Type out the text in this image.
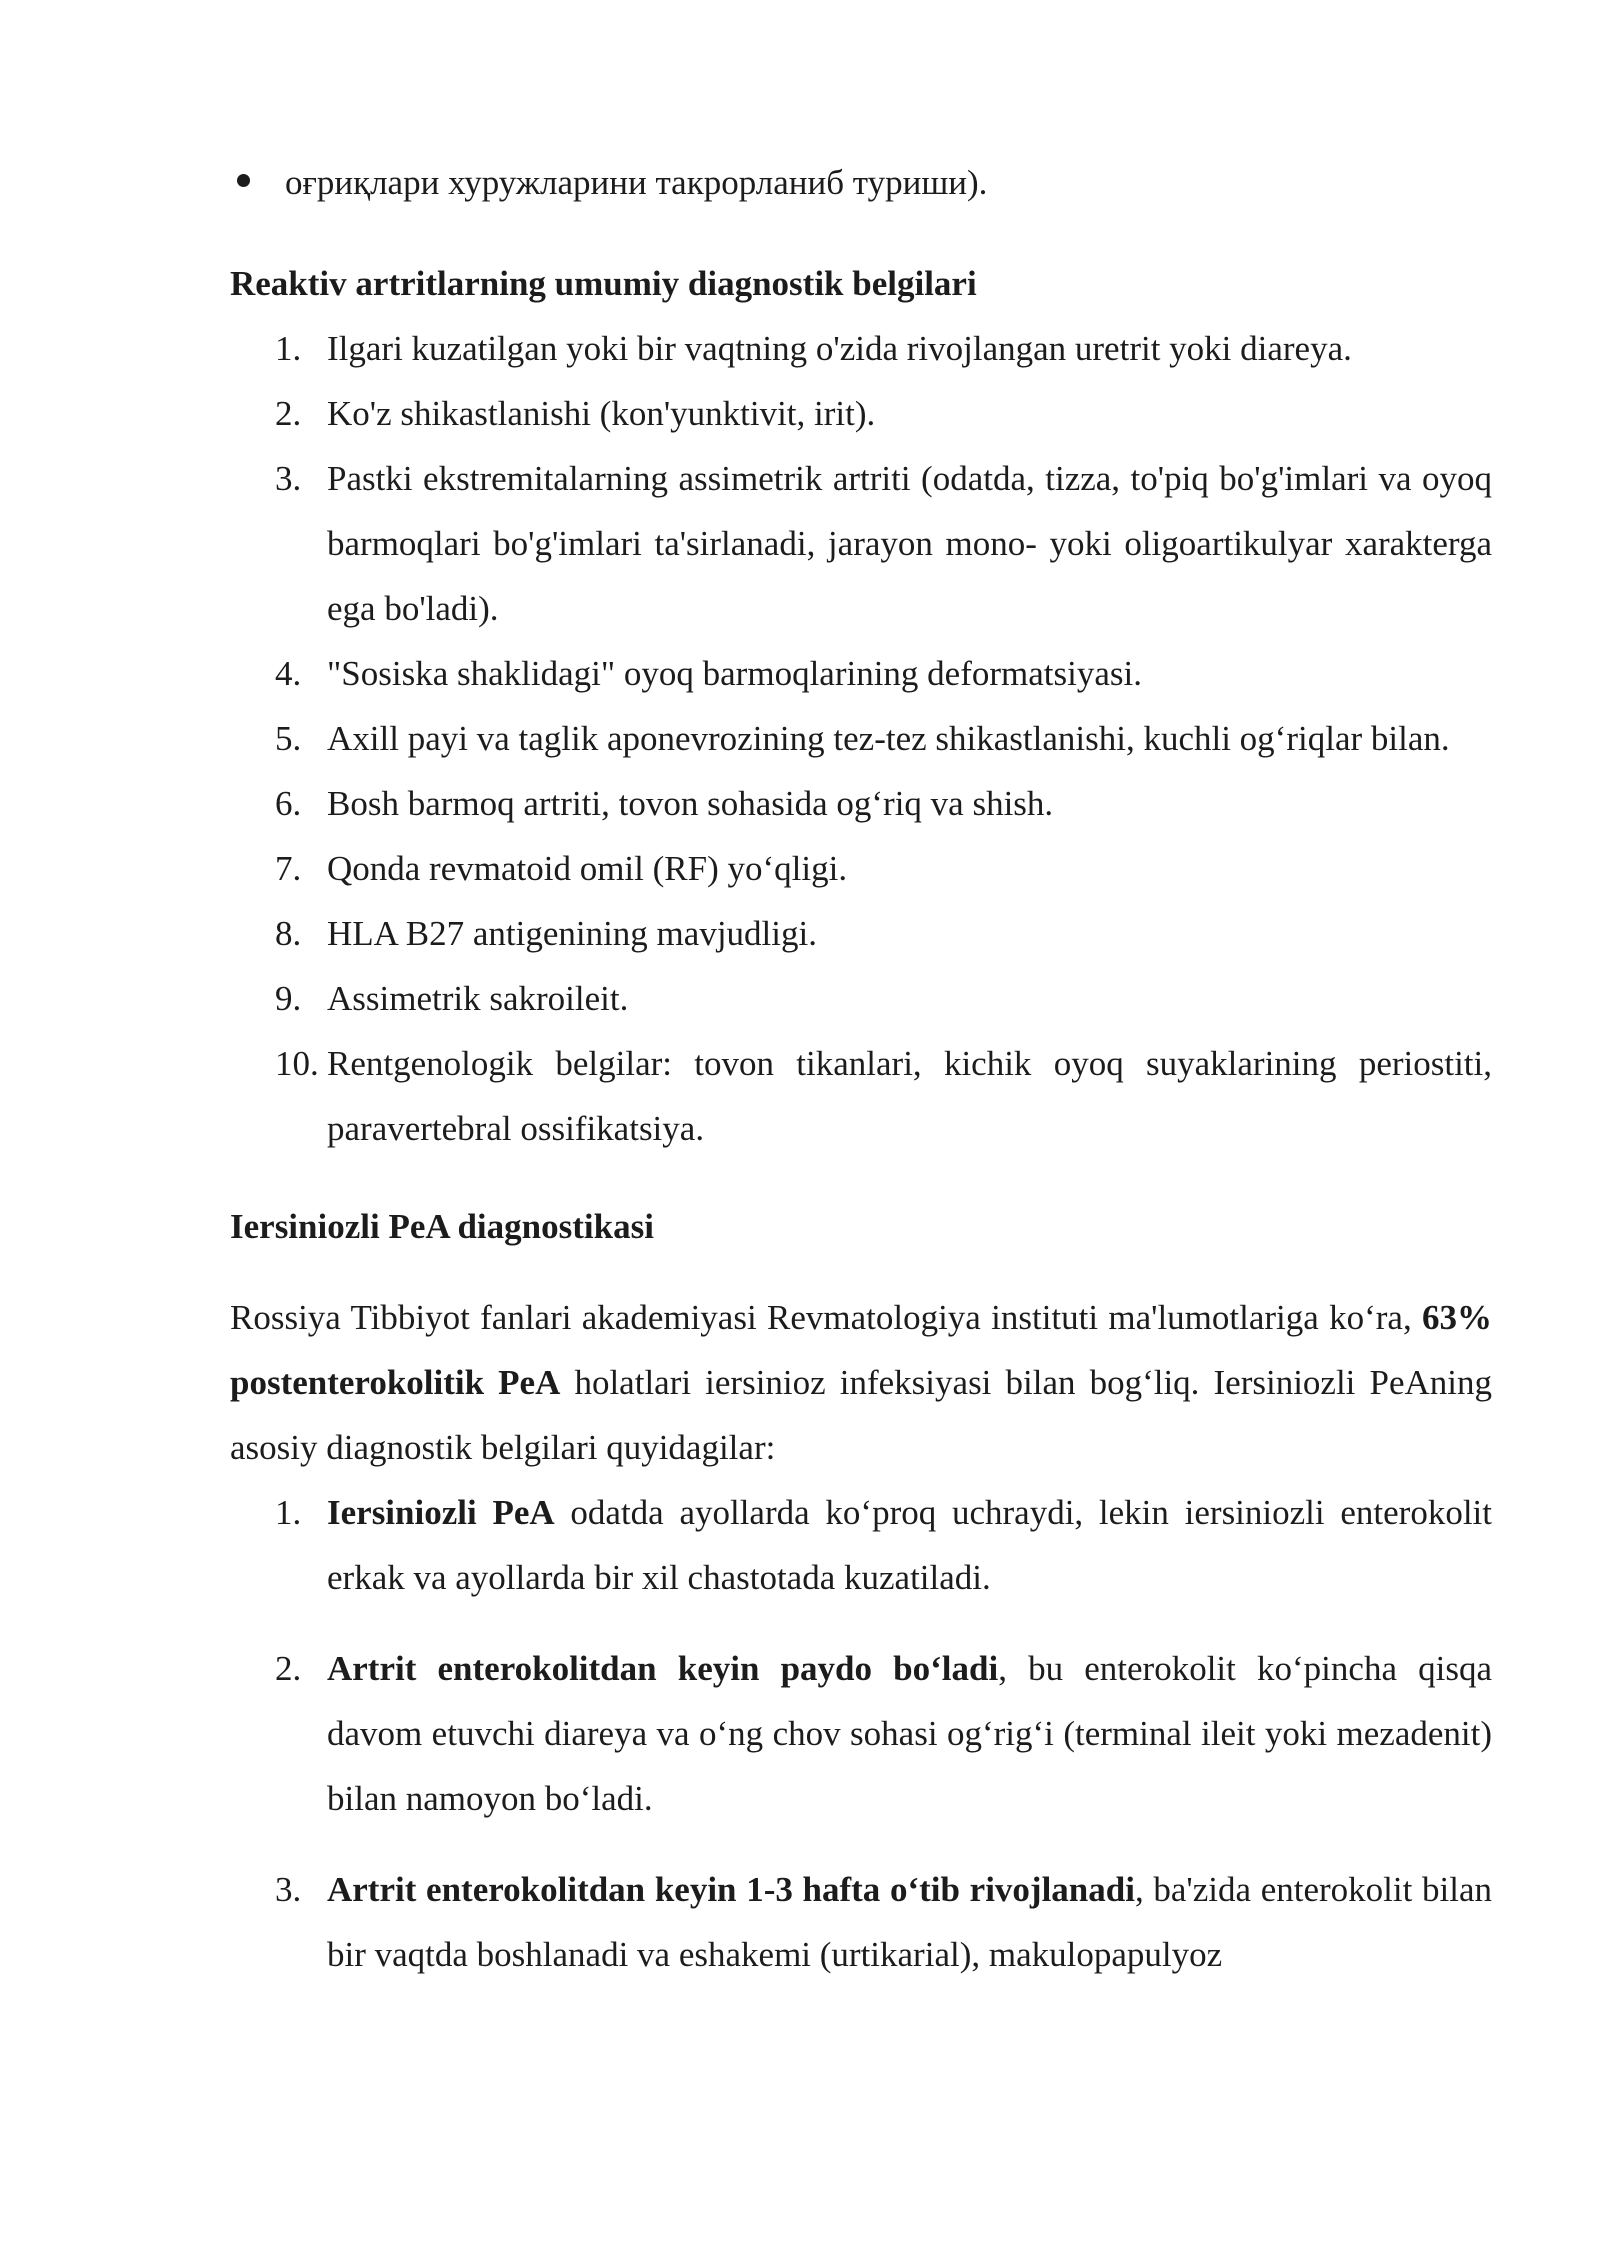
оғриқлари хуружларини такрорланиб туриши).
Reaktiv artritlarning umumiy diagnostik belgilari
1. Ilgari kuzatilgan yoki bir vaqtning o'zida rivojlangan uretrit yoki diareya.
2. Ko'z shikastlanishi (kon'yunktivit, irit).
3. Pastki ekstremitalarning assimetrik artriti (odatda, tizza, to'piq bo'g'imlari va oyoq barmoqlari bo'g'imlari ta'sirlanadi, jarayon mono- yoki oligoartikulyar xarakterga ega bo'ladi).
4. "Sosiska shaklidagi" oyoq barmoqlarining deformatsiyasi.
5. Axill payi va taglik aponevrozining tez-tez shikastlanishi, kuchli og‘riqlar bilan.
6. Bosh barmoq artriti, tovon sohasida og‘riq va shish.
7. Qonda revmatoid omil (RF) yo‘qligi.
8. HLA B27 antigenining mavjudligi.
9. Assimetrik sakroileit.
10. Rentgenologik belgilar: tovon tikanlari, kichik oyoq suyaklarining periostiti, paravertebral ossifikatsiya.
Iersiniozli PeA diagnostikasi

Rossiya Tibbiyot fanlari akademiyasi Revmatologiya instituti ma'lumotlariga ko‘ra, 63% postenterokolitik PeA holatlari iersinioz infeksiyasi bilan bog‘liq. Iersiniozli PeAning asosiy diagnostik belgilari quyidagilar:

1. Iersiniozli PeA odatda ayollarda ko‘proq uchraydi, lekin iersiniozli enterokolit erkak va ayollarda bir xil chastotada kuzatiladi.
2. Artrit enterokolitdan keyin paydo bo‘ladi, bu enterokolit ko‘pincha qisqa davom etuvchi diareya va o‘ng chov sohasi og‘rig‘i (terminal ileit yoki mezadenit) bilan namoyon bo‘ladi.
3. Artrit enterokolitdan keyin 1-3 hafta o‘tib rivojlanadi, ba'zida enterokolit bilan bir vaqtda boshlanadi va eshakemi (urtikarial), makulopapulyoz
